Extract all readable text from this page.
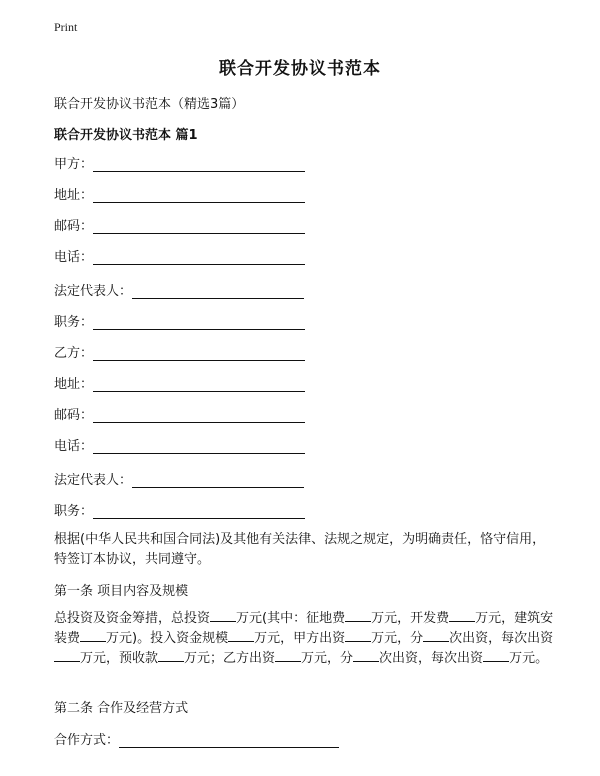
Print
联合开发协议书范本
联合开发协议书范本（精选3篇）
联合开发协议书范本 篇1
甲方：
地址：
邮码：
电话：
法定代表人：
职务：
乙方：
地址：
邮码：
电话：
法定代表人：
职务：
根据(中华人民共和国合同法)及其他有关法律、法规之规定，为明确责任，恪守信用，特签订本协议，共同遵守。
第一条 项目内容及规模
总投资及资金筹措，总投资 万元(其中：征地费 万元，开发费 万元，建筑安装费 万元)。投入资金规模 万元，甲方出资 万元，分 次出资，每次出资万元，预收款 万元；乙方出资 万元，分 次出资，每次出资 万元。
第二条 合作及经营方式
合作方式：
